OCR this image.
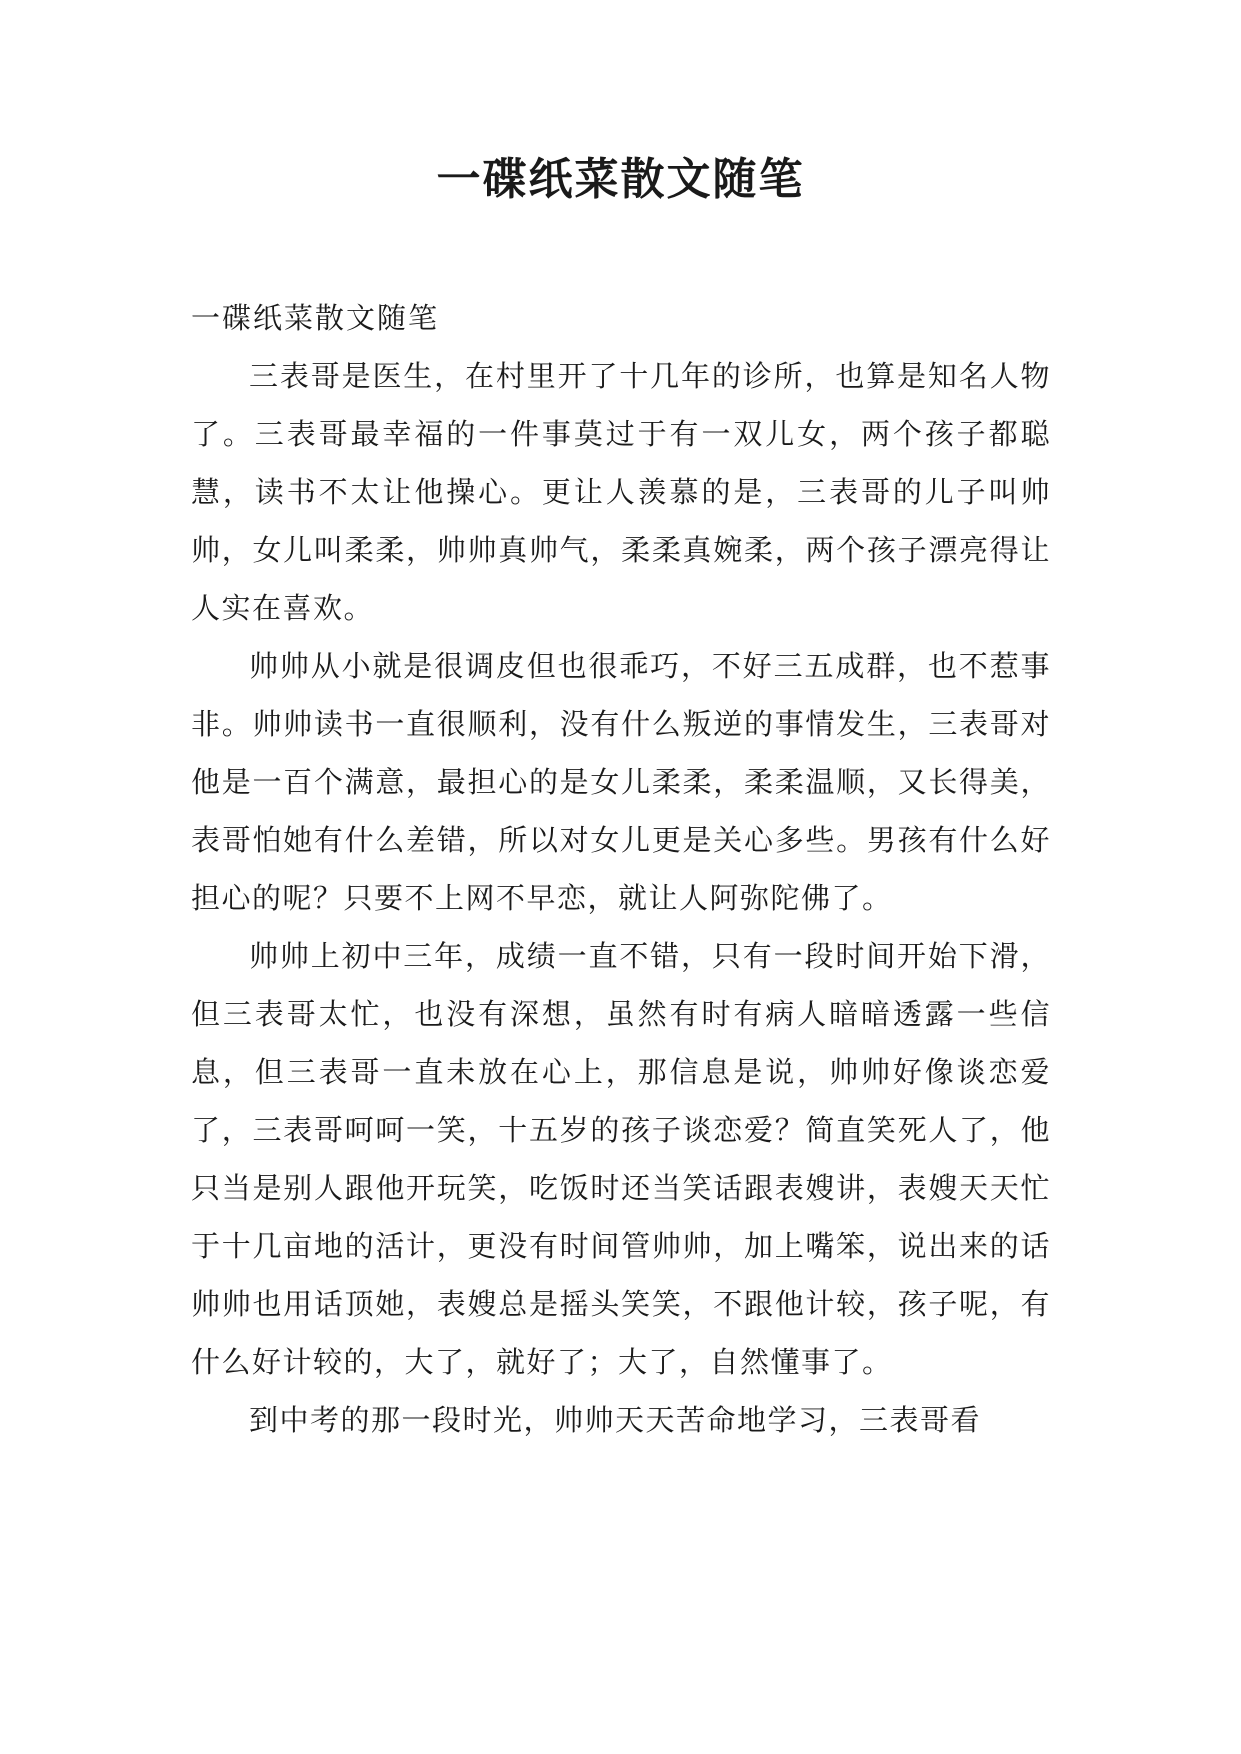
一碟纸菜散文随笔

一碟纸菜散文随笔

三表哥是医生，在村里开了十几年的诊所，也算是知名人物了。三表哥最幸福的一件事莫过于有一双儿女，两个孩子都聪慧，读书不太让他操心。更让人羡慕的是，三表哥的儿子叫帅帅，女儿叫柔柔，帅帅真帅气，柔柔真婉柔，两个孩子漂亮得让人实在喜欢。

帅帅从小就是很调皮但也很乖巧，不好三五成群，也不惹事非。帅帅读书一直很顺利，没有什么叛逆的事情发生，三表哥对他是一百个满意，最担心的是女儿柔柔，柔柔温顺，又长得美，表哥怕她有什么差错，所以对女儿更是关心多些。男孩有什么好担心的呢？只要不上网不早恋，就让人阿弥陀佛了。

帅帅上初中三年，成绩一直不错，只有一段时间开始下滑，但三表哥太忙，也没有深想，虽然有时有病人暗暗透露一些信息，但三表哥一直未放在心上，那信息是说，帅帅好像谈恋爱了，三表哥呵呵一笑，十五岁的孩子谈恋爱？简直笑死人了，他只当是别人跟他开玩笑，吃饭时还当笑话跟表嫂讲，表嫂天天忙于十几亩地的活计，更没有时间管帅帅，加上嘴笨，说出来的话帅帅也用话顶她，表嫂总是摇头笑笑，不跟他计较，孩子呢，有什么好计较的，大了，就好了；大了，自然懂事了。

到中考的那一段时光，帅帅天天苦命地学习，三表哥看
